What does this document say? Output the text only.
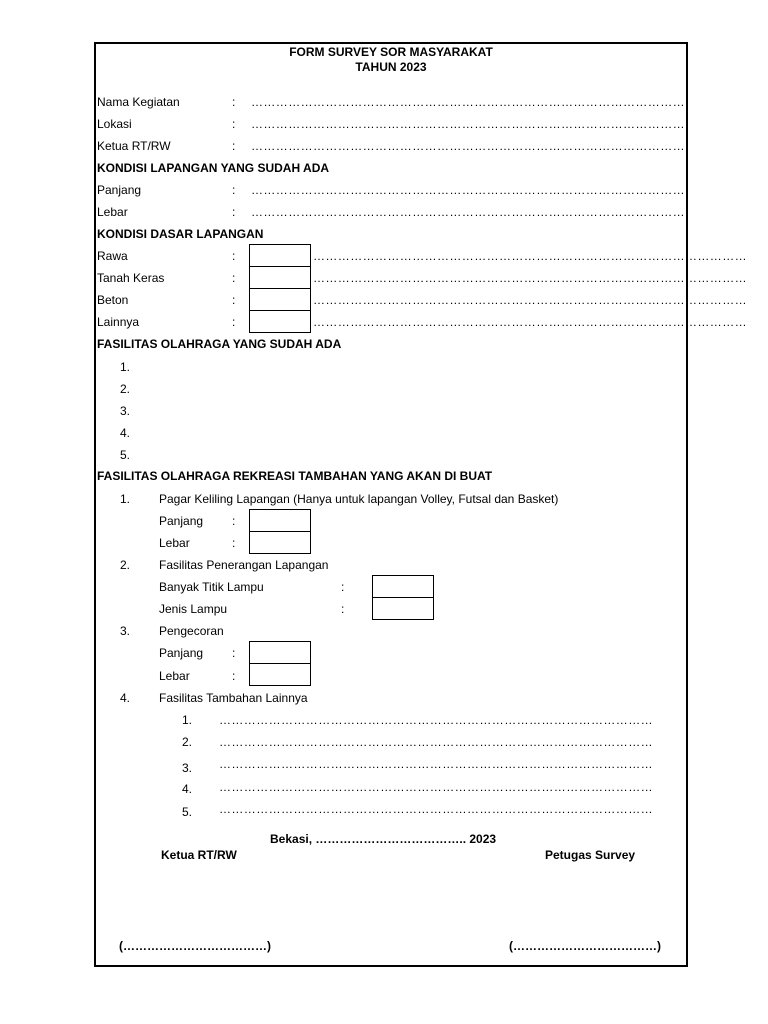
FORM SURVEY SOR MASYARAKAT
TAHUN 2023
Nama Kegiatan	: ……………………………………………………………………………………………
Lokasi	: ……………………………………………………………………………………………
Ketua RT/RW	: ……………………………………………………………………………………………
KONDISI LAPANGAN YANG SUDAH ADA
Panjang	: ……………………………………………………………………………………………
Lebar	: ……………………………………………………………………………………………
KONDISI DASAR LAPANGAN
Rawa	:	……………………………………………………………………………………………
Tanah Keras	:	……………………………………………………………………………………………
Beton	:	……………………………………………………………………………………………
Lainnya	:	……………………………………………………………………………………………
FASILITAS OLAHRAGA YANG SUDAH ADA
1.
2.
3.
4.
5.
FASILITAS OLAHRAGA REKREASI TAMBAHAN YANG AKAN DI BUAT
1. Pagar Keliling Lapangan (Hanya untuk lapangan Volley, Futsal dan Basket)
Panjang :
Lebar	:
2. Fasilitas Penerangan Lapangan
Banyak Titik Lampu	:
Jenis Lampu	:
3. Pengecoran
Panjang :
Lebar	:
4. Fasilitas Tambahan Lainnya
1. ……………………………………………………………………………………………
2. ……………………………………………………………………………………………
3. ……………………………………………………………………………………………
4. ……………………………………………………………………………………………
5. ……………………………………………………………………………………………
Bekasi, ……………………………….. 2023
Ketua RT/RW	Petugas Survey
(………………………………)	(………………………………)
